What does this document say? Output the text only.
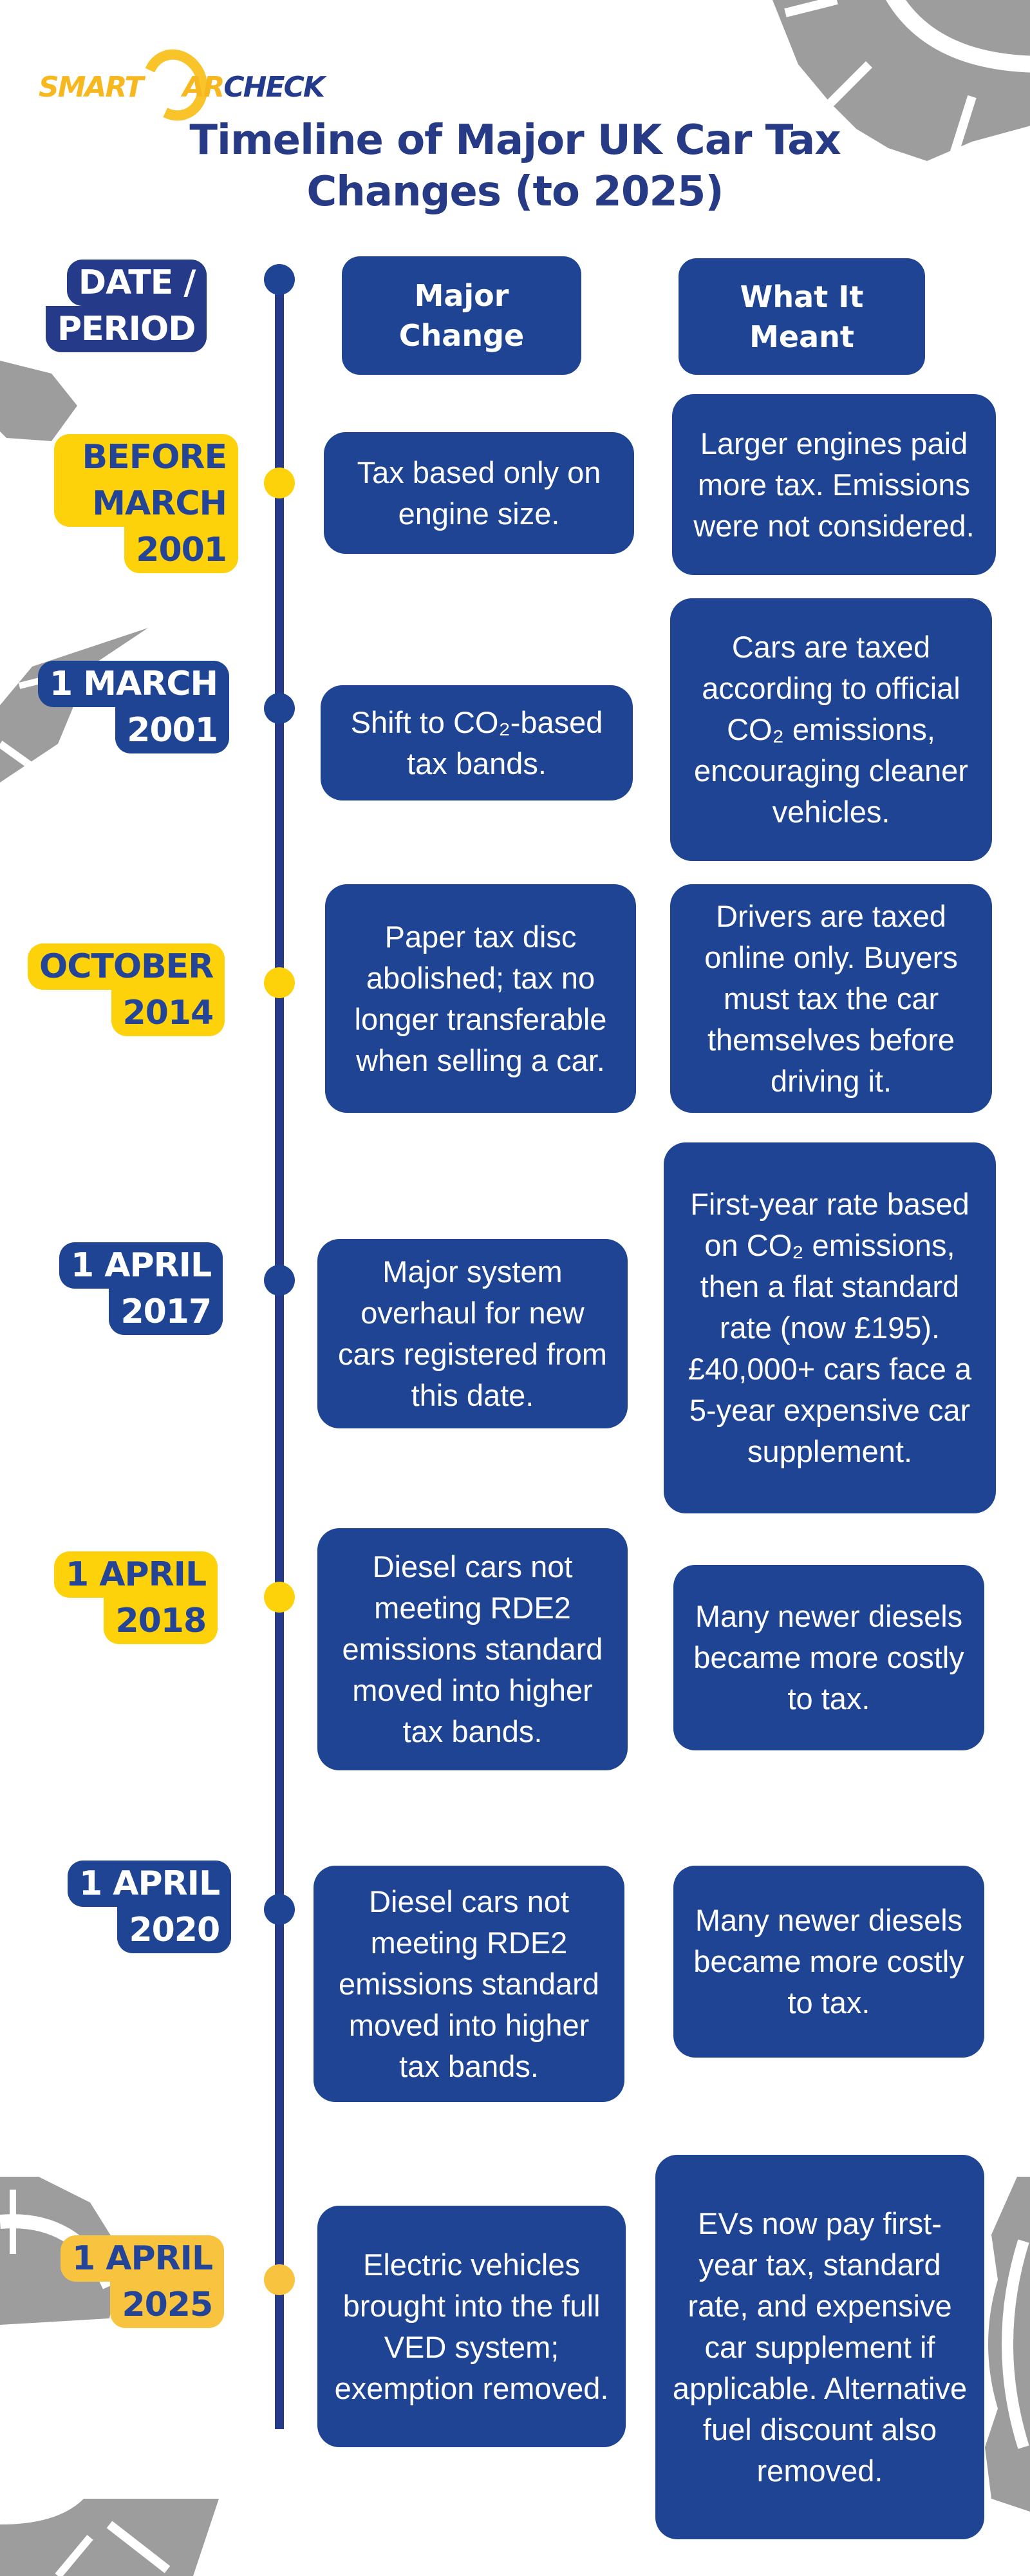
SMART ARCHECK
Timeline of Major UK Car Tax Changes (to 2025)
DATE /
PERIOD
Major Change
What It Meant
BEFORE
MARCH
2001
Tax based only on engine size.
Larger engines paid more tax. Emissions were not considered.
1 MARCH
2001	Shift to CO₂-based tax bands.
Cars are taxed according to official CO₂ emissions, encouraging cleaner vehicles.
OCTOBER
2014
Paper tax disc abolished; tax no longer transferable when selling a car.
Drivers are taxed online only. Buyers must tax the car themselves before driving it.
1 APRIL
2017
Major system overhaul for new cars registered from this date.
First-year rate based on CO₂ emissions, then a flat standard rate (now £195). £40,000+ cars face a 5-year expensive car supplement.
1 APRIL
2018
Diesel cars not meeting RDE2 emissions standard moved into higher tax bands.
Many newer diesels became more costly to tax.
1 APRIL
2020
Diesel cars not meeting RDE2 emissions standard moved into higher tax bands.
Many newer diesels became more costly to tax.
1 APRIL
2025
Electric vehicles brought into the full VED system; exemption removed.
EVs now pay first-year tax, standard rate, and expensive car supplement if applicable. Alternative fuel discount also removed.
